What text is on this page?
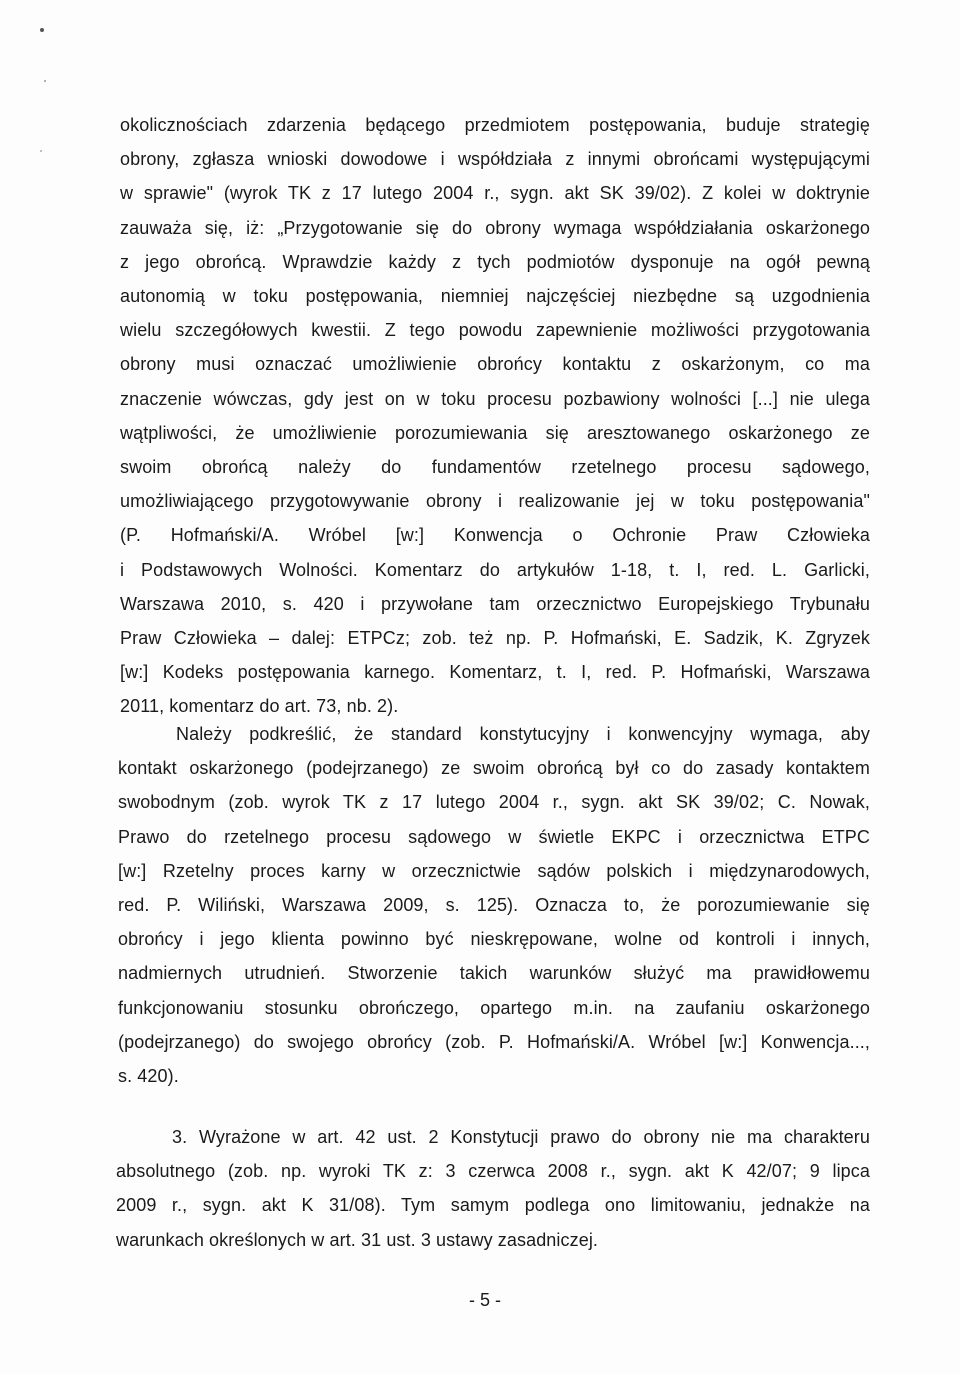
okolicznościach zdarzenia będącego przedmiotem postępowania, buduje strategię
obrony, zgłasza wnioski dowodowe i współdziała z innymi obrońcami występującymi
w sprawie" (wyrok TK z 17 lutego 2004 r., sygn. akt SK 39/02). Z kolei w doktrynie
zauważa się, iż: „Przygotowanie się do obrony wymaga współdziałania oskarżonego
z jego obrońcą. Wprawdzie każdy z tych podmiotów dysponuje na ogół pewną
autonomią w toku postępowania, niemniej najczęściej niezbędne są uzgodnienia
wielu szczegółowych kwestii. Z tego powodu zapewnienie możliwości przygotowania
obrony musi oznaczać umożliwienie obrońcy kontaktu z oskarżonym, co ma
znaczenie wówczas, gdy jest on w toku procesu pozbawiony wolności [...] nie ulega
wątpliwości, że umożliwienie porozumiewania się aresztowanego oskarżonego ze
swoim obrońcą należy do fundamentów rzetelnego procesu sądowego,
umożliwiającego przygotowywanie obrony i realizowanie jej w toku postępowania"
(P. Hofmański/A. Wróbel [w:] Konwencja o Ochronie Praw Człowieka
i Podstawowych Wolności. Komentarz do artykułów 1-18, t. I, red. L. Garlicki,
Warszawa 2010, s. 420 i przywołane tam orzecznictwo Europejskiego Trybunału
Praw Człowieka – dalej: ETPCz; zob. też np. P. Hofmański, E. Sadzik, K. Zgryzek
[w:] Kodeks postępowania karnego. Komentarz, t. I, red. P. Hofmański, Warszawa
2011, komentarz do art. 73, nb. 2).
Należy podkreślić, że standard konstytucyjny i konwencyjny wymaga, aby
kontakt oskarżonego (podejrzanego) ze swoim obrońcą był co do zasady kontaktem
swobodnym (zob. wyrok TK z 17 lutego 2004 r., sygn. akt SK 39/02; C. Nowak,
Prawo do rzetelnego procesu sądowego w świetle EKPC i orzecznictwa ETPC
[w:] Rzetelny proces karny w orzecznictwie sądów polskich i międzynarodowych,
red. P. Wiliński, Warszawa 2009, s. 125). Oznacza to, że porozumiewanie się
obrońcy i jego klienta powinno być nieskrępowane, wolne od kontroli i innych,
nadmiernych utrudnień. Stworzenie takich warunków służyć ma prawidłowemu
funkcjonowaniu stosunku obrończego, opartego m.in. na zaufaniu oskarżonego
(podejrzanego) do swojego obrońcy (zob. P. Hofmański/A. Wróbel [w:] Konwencja...,
s. 420).
3. Wyrażone w art. 42 ust. 2 Konstytucji prawo do obrony nie ma charakteru
absolutnego (zob. np. wyroki TK z: 3 czerwca 2008 r., sygn. akt K 42/07; 9 lipca
2009 r., sygn. akt K 31/08). Tym samym podlega ono limitowaniu, jednakże na
warunkach określonych w art. 31 ust. 3 ustawy zasadniczej.
- 5 -
